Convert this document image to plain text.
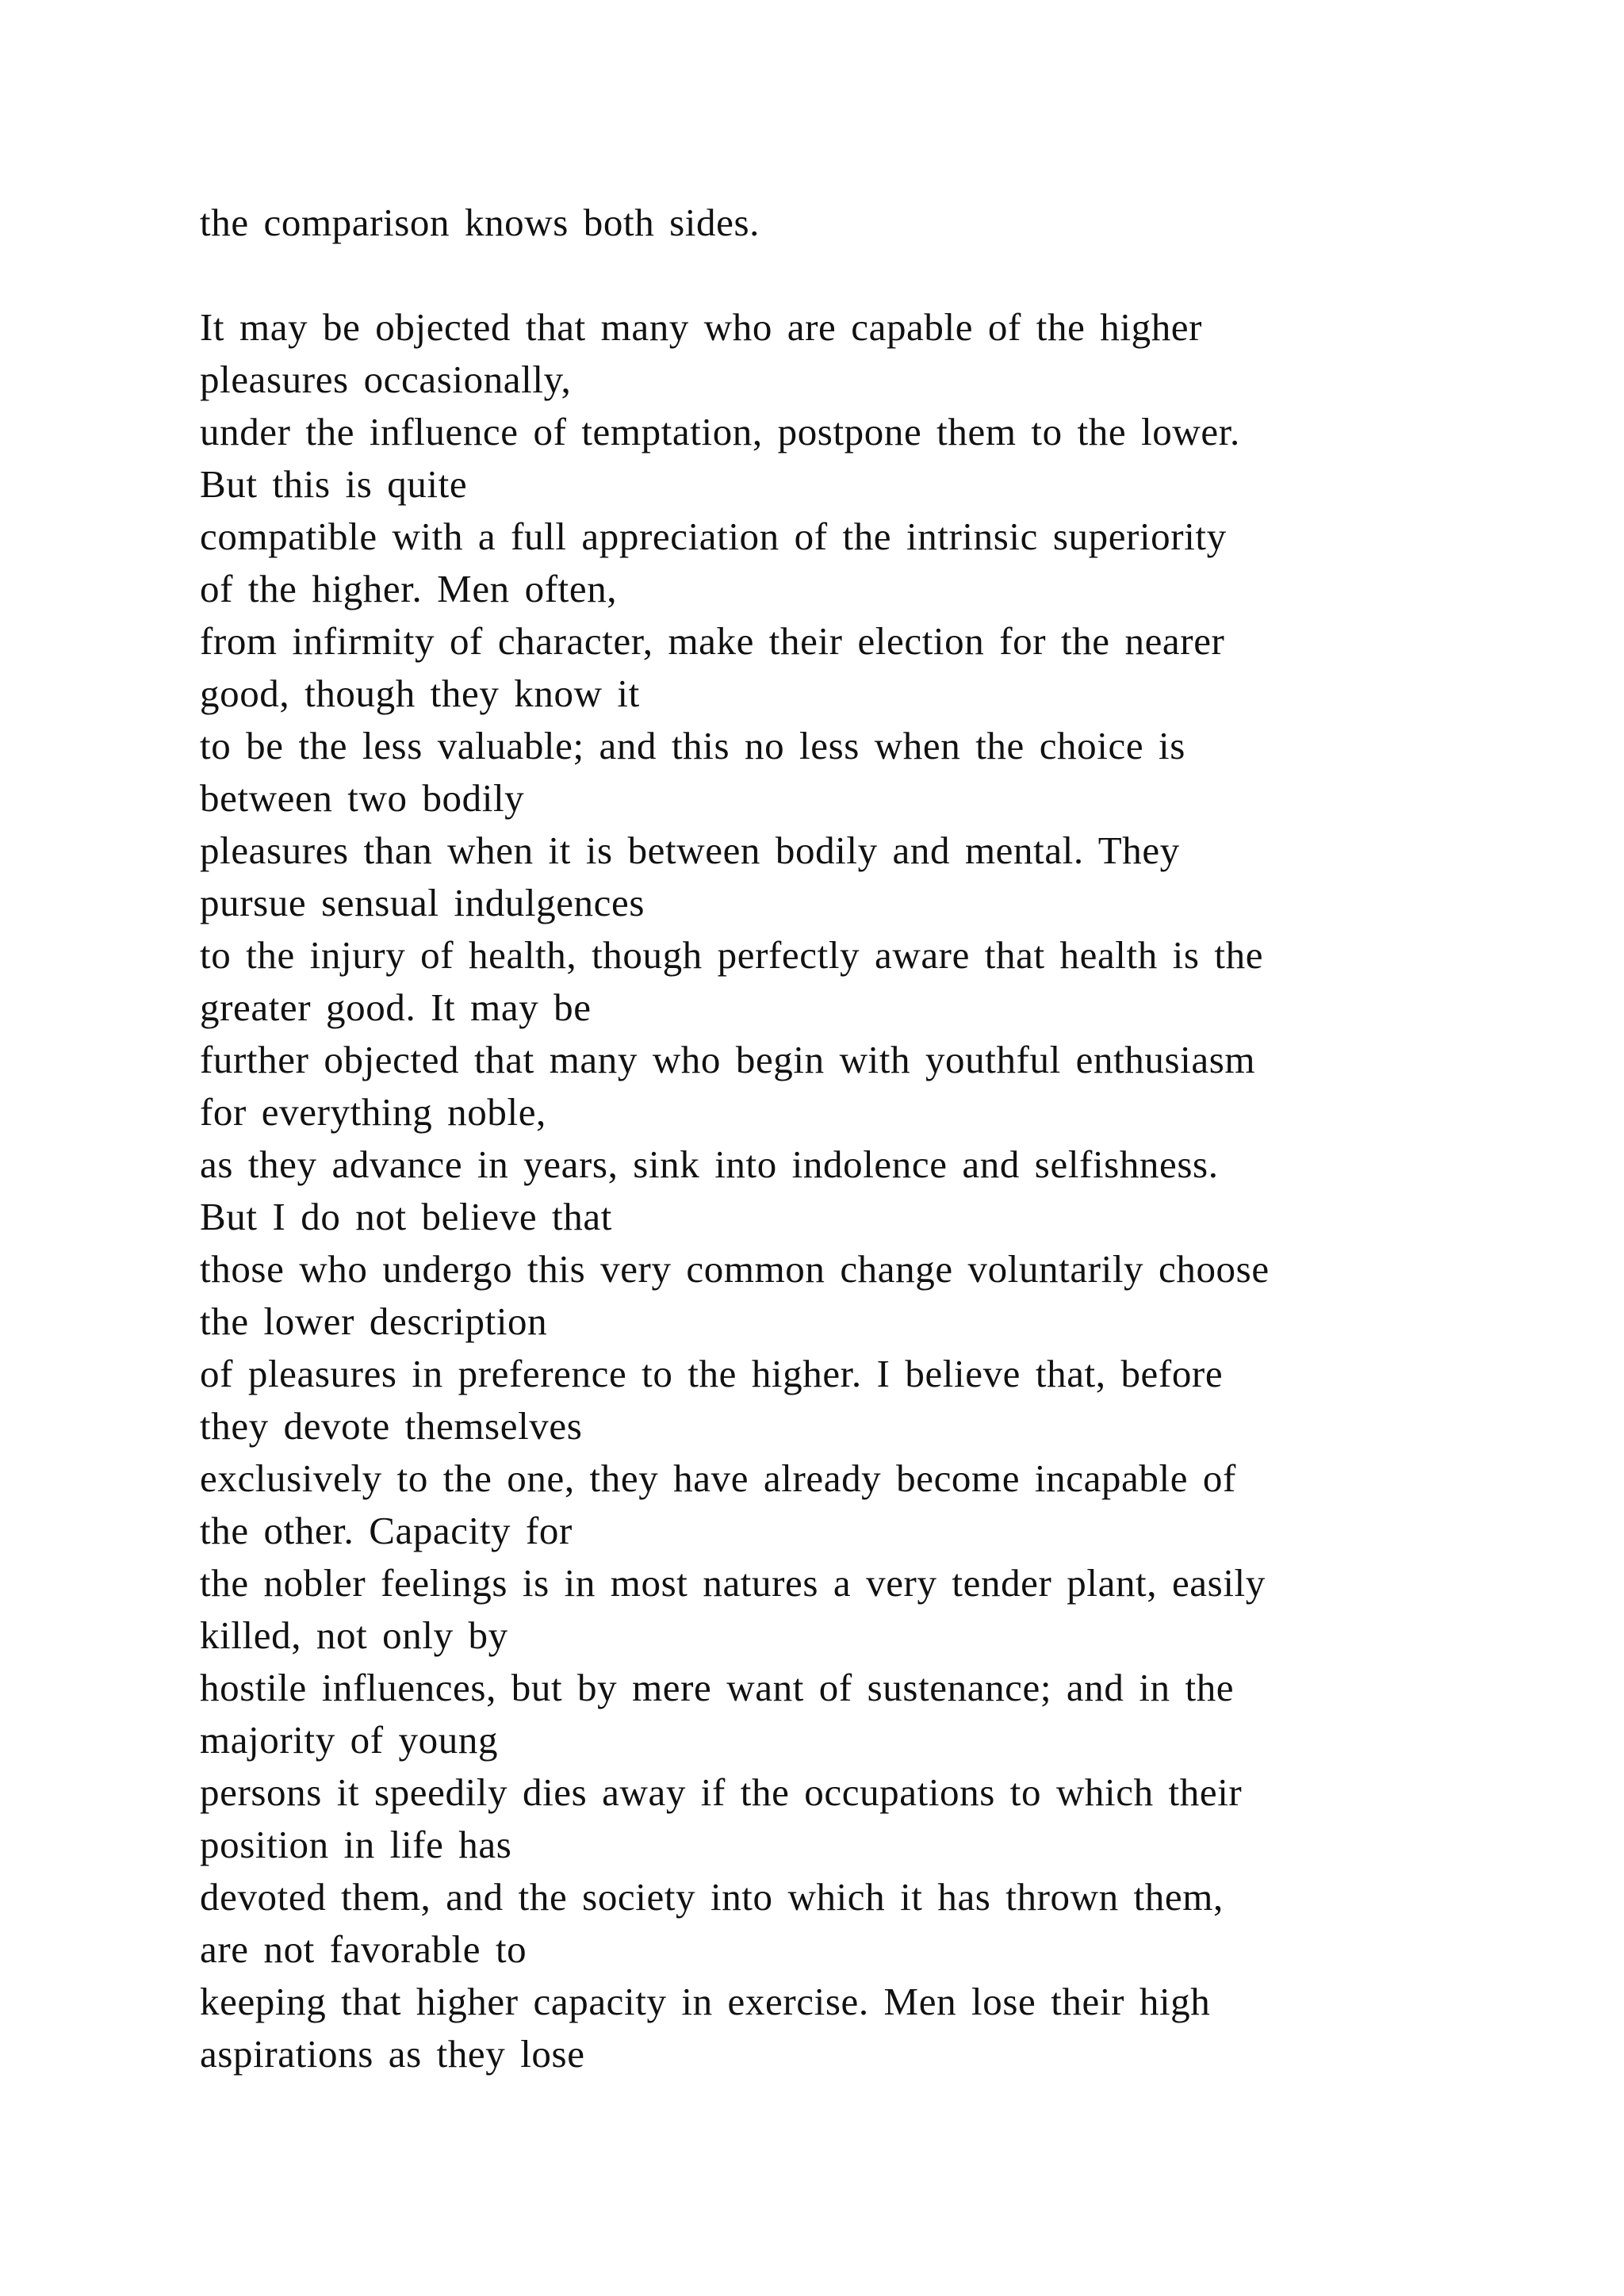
the comparison knows both sides.
It may be objected that many who are capable of the higher
pleasures occasionally,
under the influence of temptation, postpone them to the lower.
But this is quite
compatible with a full appreciation of the intrinsic superiority
of the higher. Men often,
from infirmity of character, make their election for the nearer
good, though they know it
to be the less valuable; and this no less when the choice is
between two bodily
pleasures than when it is between bodily and mental. They
pursue sensual indulgences
to the injury of health, though perfectly aware that health is the
greater good. It may be
further objected that many who begin with youthful enthusiasm
for everything noble,
as they advance in years, sink into indolence and selfishness.
But I do not believe that
those who undergo this very common change voluntarily choose
the lower description
of pleasures in preference to the higher. I believe that, before
they devote themselves
exclusively to the one, they have already become incapable of
the other. Capacity for
the nobler feelings is in most natures a very tender plant, easily
killed, not only by
hostile influences, but by mere want of sustenance; and in the
majority of young
persons it speedily dies away if the occupations to which their
position in life has
devoted them, and the society into which it has thrown them,
are not favorable to
keeping that higher capacity in exercise. Men lose their high
aspirations as they lose
